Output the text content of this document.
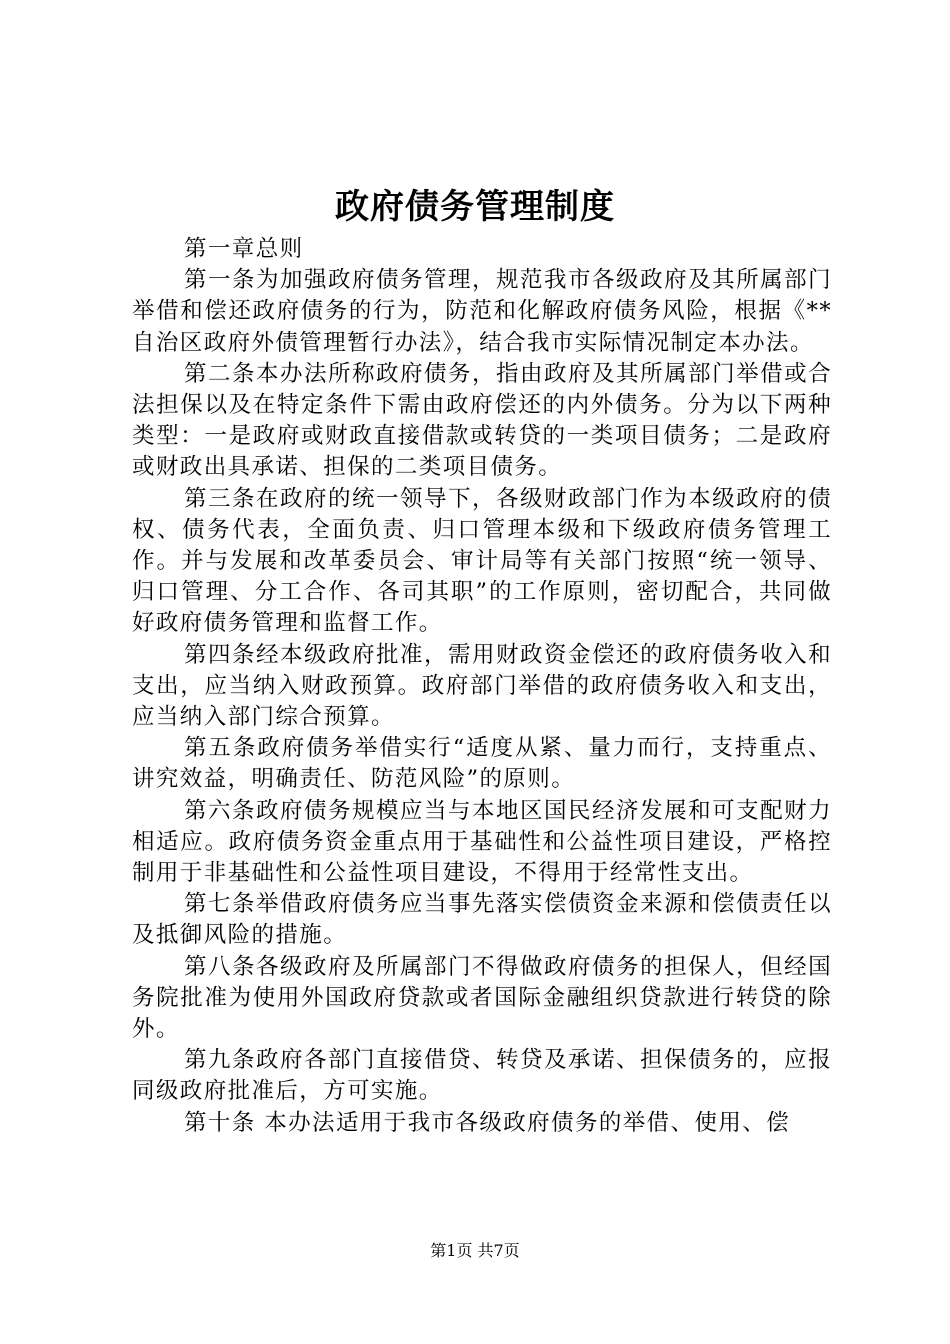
政府债务管理制度

第一章总则

第一条为加强政府债务管理，规范我市各级政府及其所属部门举借和偿还政府债务的行为，防范和化解政府债务风险，根据《**自治区政府外债管理暂行办法》，结合我市实际情况制定本办法。

第二条本办法所称政府债务，指由政府及其所属部门举借或合法担保以及在特定条件下需由政府偿还的内外债务。分为以下两种类型：一是政府或财政直接借款或转贷的一类项目债务；二是政府或财政出具承诺、担保的二类项目债务。

第三条在政府的统一领导下，各级财政部门作为本级政府的债权、债务代表，全面负责、归口管理本级和下级政府债务管理工作。并与发展和改革委员会、审计局等有关部门按照“统一领导、归口管理、分工合作、各司其职”的工作原则，密切配合，共同做好政府债务管理和监督工作。

第四条经本级政府批准，需用财政资金偿还的政府债务收入和支出，应当纳入财政预算。政府部门举借的政府债务收入和支出，应当纳入部门综合预算。

第五条政府债务举借实行“适度从紧、量力而行，支持重点、讲究效益，明确责任、防范风险”的原则。

第六条政府债务规模应当与本地区国民经济发展和可支配财力相适应。政府债务资金重点用于基础性和公益性项目建设，严格控制用于非基础性和公益性项目建设，不得用于经常性支出。

第七条举借政府债务应当事先落实偿债资金来源和偿债责任以及抵御风险的措施。

第八条各级政府及所属部门不得做政府债务的担保人，但经国务院批准为使用外国政府贷款或者国际金融组织贷款进行转贷的除外。

第九条政府各部门直接借贷、转贷及承诺、担保债务的，应报同级政府批准后，方可实施。

第十条 本办法适用于我市各级政府债务的举借、使用、偿

第1页 共7页
